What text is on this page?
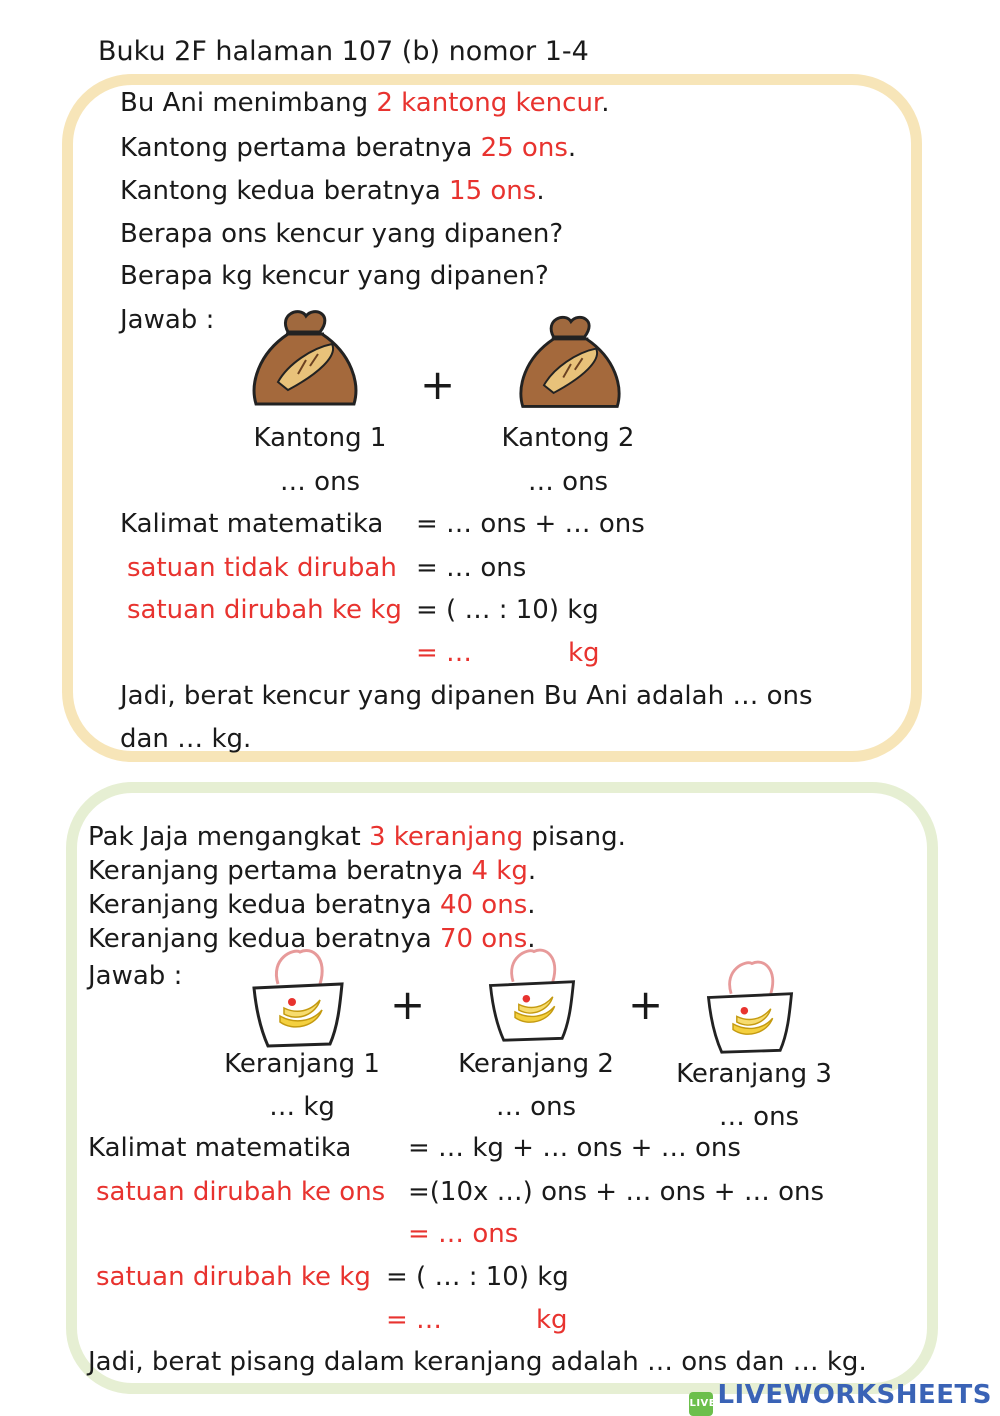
Buku 2F halaman 107 (b) nomor 1-4
Bu Ani menimbang 2 kantong kencur.
Kantong pertama beratnya 25 ons.
Kantong kedua beratnya 15 ons.
Berapa ons kencur yang dipanen?
Berapa kg kencur yang dipanen?
Jawab :
+
Kantong 1
… ons
Kantong 2
… ons
Kalimat matematika = … ons + … ons
satuan tidak dirubah = … ons
satuan dirubah ke kg = ( … : 10) kg
= …	kg
Jadi, berat kencur yang dipanen Bu Ani adalah … ons
dan … kg.
Pak Jaja mengangkat 3 keranjang pisang.
Keranjang pertama beratnya 4 kg.
Keranjang kedua beratnya 40 ons.
Keranjang kedua beratnya 70 ons.
Jawab :
+	+
Keranjang 1
… kg
Keranjang 2
… ons
Keranjang 3
… ons
Kalimat matematika = … kg + … ons + … ons
satuan dirubah ke ons =(10x …) ons + … ons + … ons
= … ons
satuan dirubah ke kg = ( … : 10) kg
= …	kg
Jadi, berat pisang dalam keranjang adalah … ons dan … kg.
LIVELIVEWORKSHEETS
